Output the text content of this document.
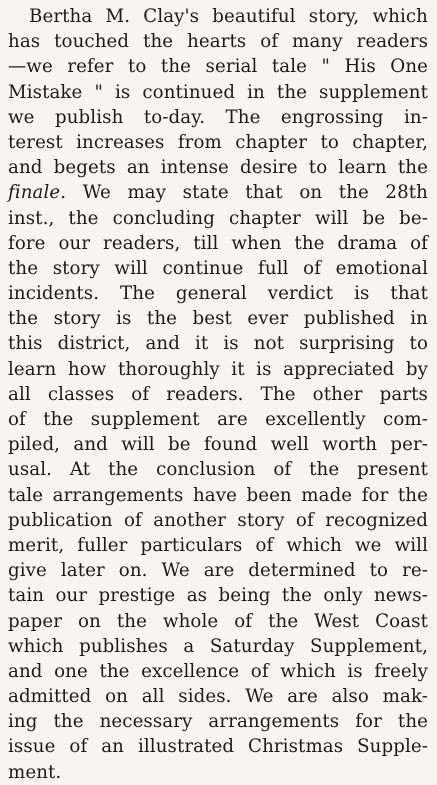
Bertha M. Clay's beautiful story, which
has touched the hearts of many readers
—we refer to the serial tale " His One
Mistake " is continued in the supplement
we publish to-day. The engrossing in-
terest increases from chapter to chapter,
and begets an intense desire to learn the
finale. We may state that on the 28th
inst., the concluding chapter will be be-
fore our readers, till when the drama of
the story will continue full of emotional
incidents. The general verdict is that
the story is the best ever published in
this district, and it is not surprising to
learn how thoroughly it is appreciated by
all classes of readers. The other parts
of the supplement are excellently com-
piled, and will be found well worth per-
usal. At the conclusion of the present
tale arrangements have been made for the
publication of another story of recognized
merit, fuller particulars of which we will
give later on. We are determined to re-
tain our prestige as being the only news-
paper on the whole of the West Coast
which publishes a Saturday Supplement,
and one the excellence of which is freely
admitted on all sides. We are also mak-
ing the necessary arrangements for the
issue of an illustrated Christmas Supple-
ment.
